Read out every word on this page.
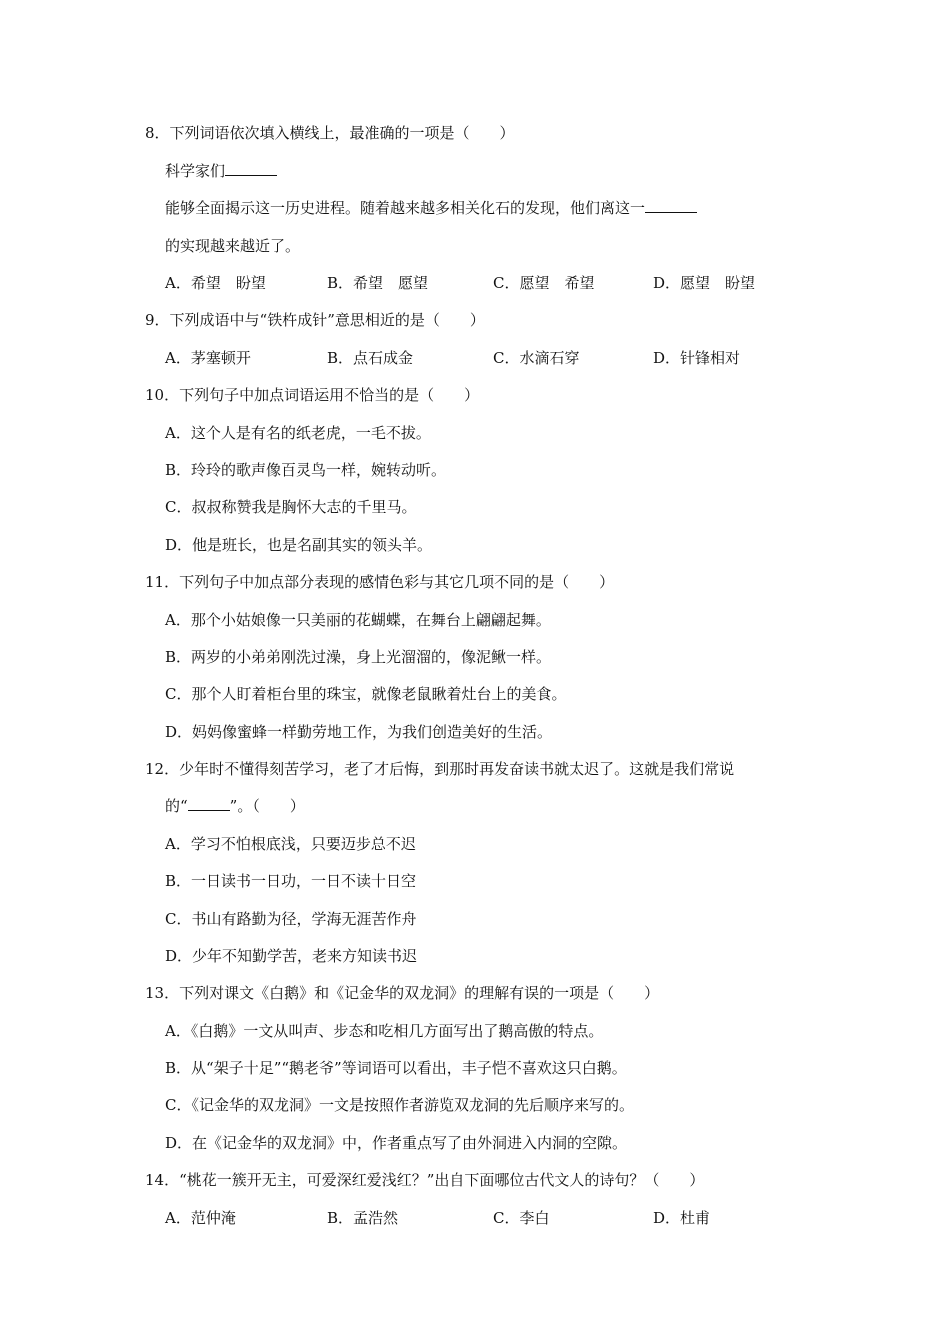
8．下列词语依次填入横线上，最准确的一项是（　　）
科学家们
能够全面揭示这一历史进程。随着越来越多相关化石的发现，他们离这一
的实现越来越近了。
A．希望　盼望	B．希望　愿望	C．愿望　希望	D．愿望　盼望
9．下列成语中与“铁杵成针”意思相近的是（　　）
A．茅塞顿开	B．点石成金	C．水滴石穿	D．针锋相对
10．下列句子中加点词语运用不恰当的是（　　）
A．这个人是有名的纸老虎，一毛不拔。
B．玲玲的歌声像百灵鸟一样，婉转动听。
C．叔叔称赞我是胸怀大志的千里马。
D．他是班长，也是名副其实的领头羊。
11．下列句子中加点部分表现的感情色彩与其它几项不同的是（　　）
A．那个小姑娘像一只美丽的花蝴蝶，在舞台上翩翩起舞。
B．两岁的小弟弟刚洗过澡，身上光溜溜的，像泥鳅一样。
C．那个人盯着柜台里的珠宝，就像老鼠瞅着灶台上的美食。
D．妈妈像蜜蜂一样勤劳地工作，为我们创造美好的生活。
12．少年时不懂得刻苦学习，老了才后悔，到那时再发奋读书就太迟了。这就是我们常说
的“	”。（　　）
A．学习不怕根底浅，只要迈步总不迟
B．一日读书一日功，一日不读十日空
C．书山有路勤为径，学海无涯苦作舟
D．少年不知勤学苦，老来方知读书迟
13．下列对课文《白鹅》和《记金华的双龙洞》的理解有误的一项是（　　）
A．《白鹅》一文从叫声、步态和吃相几方面写出了鹅高傲的特点。
B．从“架子十足”“鹅老爷”等词语可以看出，丰子恺不喜欢这只白鹅。
C．《记金华的双龙洞》一文是按照作者游览双龙洞的先后顺序来写的。
D．在《记金华的双龙洞》中，作者重点写了由外洞进入内洞的空隙。
14．“桃花一簇开无主，可爱深红爱浅红？”出自下面哪位古代文人的诗句？（　　）
A．范仲淹	B．孟浩然	C．李白	D．杜甫
